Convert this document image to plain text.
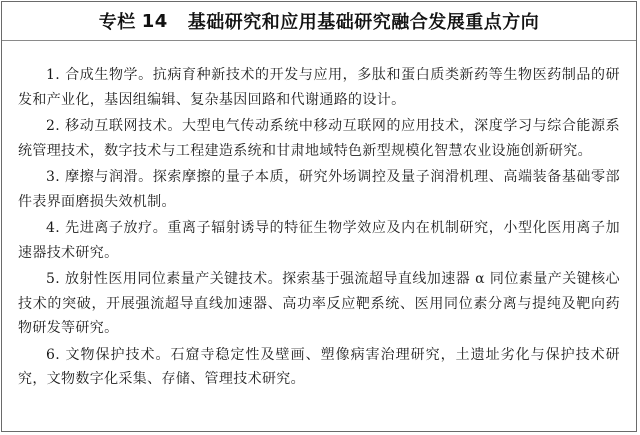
专栏 14 基础研究和应用基础研究融合发展重点方向

1. 合成生物学。抗病育种新技术的开发与应用，多肽和蛋白质类新药等生物医药制品的研发和产业化，基因组编辑、复杂基因回路和代谢通路的设计。

2. 移动互联网技术。大型电气传动系统中移动互联网的应用技术，深度学习与综合能源系统管理技术，数字技术与工程建造系统和甘肃地域特色新型规模化智慧农业设施创新研究。

3. 摩擦与润滑。探索摩擦的量子本质，研究外场调控及量子润滑机理、高端装备基础零部件表界面磨损失效机制。

4. 先进离子放疗。重离子辐射诱导的特征生物学效应及内在机制研究，小型化医用离子加速器技术研究。

5. 放射性医用同位素量产关键技术。探索基于强流超导直线加速器 α 同位素量产关键核心技术的突破，开展强流超导直线加速器、高功率反应靶系统、医用同位素分离与提纯及靶向药物研发等研究。

6. 文物保护技术。石窟寺稳定性及壁画、塑像病害治理研究，土遗址劣化与保护技术研究，文物数字化采集、存储、管理技术研究。
